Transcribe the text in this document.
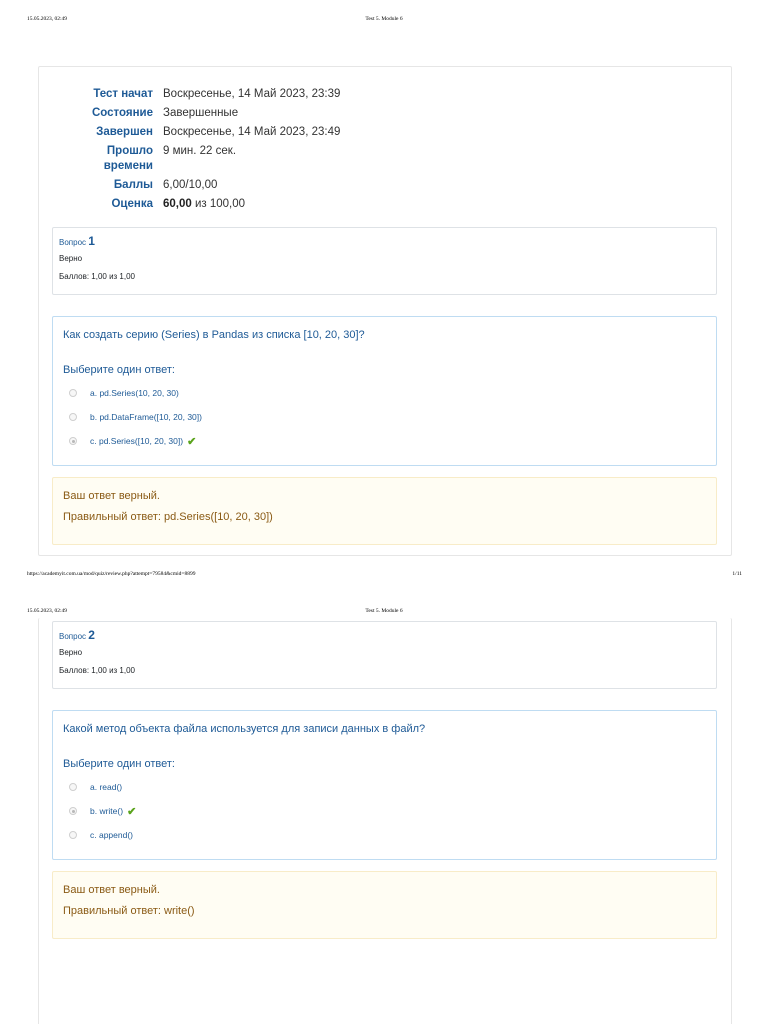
15.05.2023, 02:49	Test 5. Module 6
Тест начат Воскресенье, 14 Май 2023, 23:39
Состояние Завершенные
Завершен Воскресенье, 14 Май 2023, 23:49
Прошло
времени
9 мин. 22 сек.
Баллы 6,00/10,00
Оценка 60,00 из 100,00
Вопрос 1
Верно
Баллов: 1,00 из 1,00
Как создать серию (Series) в Pandas из списка [10, 20, 30]?
Выберите один ответ:
a. pd.Series(10, 20, 30)
b. pd.DataFrame([10, 20, 30])
c. pd.Series([10, 20, 30]) ✔
Ваш ответ верный.
Правильный ответ: pd.Series([10, 20, 30])
https://academyit.com.ua/mod/quiz/review.php?attempt=79584&cmid=8899	1/11
15.05.2023, 02:49	Test 5. Module 6
Вопрос 2
Верно
Баллов: 1,00 из 1,00
Какой метод объекта файла используется для записи данных в файл?
Выберите один ответ:
a. read()
b. write() ✔
c. append()
Ваш ответ верный.
Правильный ответ: write()
